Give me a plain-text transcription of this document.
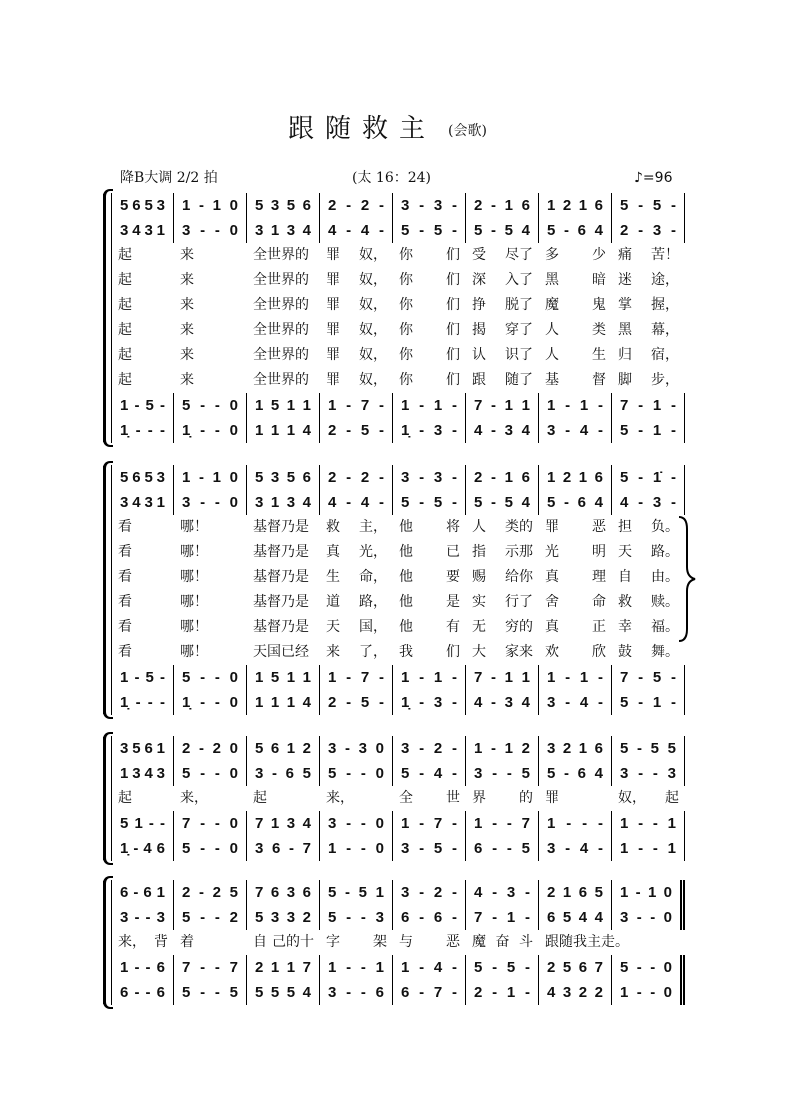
跟随救主 (会歌)
降B大调 2/2 拍	(太 16：24)	♪=96
5 6 5 3 1 - 1 0 5 3 5 6 2 - 2 - 3 - 3 - 2 - 1 6 1 2 1 6 5 - 5 -
3 4 3 1 3 - - 0 3 1 3 4 4 - 4 - 5 - 5 - 5 - 5 4 5 - 6 4 2 - 3 -
起	来	全世界的 罪 奴， 你 们 受 尽了 多 少 痛 苦！
起	来	全世界的 罪 奴， 你 们 深 入了 黑 暗 迷 途，
起	来	全世界的 罪 奴， 你 们 挣 脱了 魔 鬼 掌 握，
起	来	全世界的 罪 奴， 你 们 揭 穿了 人 类 黑 幕，
起	来	全世界的 罪 奴， 你 们 认 识了 人 生 归 宿，
起	来	全世界的 罪 奴， 你 们 跟 随了 基 督 脚 步，
1 - 5 - 5 - - 0 1 5 1 1 1 - 7 - 1 - 1 - 7 - 1 1 1 - 1 - 7 - 1 -
1̣ - - - 1̣ - - 0 1 1 1 4 2 - 5 - 1̣ - 3 - 4 - 3 4 3 - 4 - 5 - 1 -
5 6 5 3 1 - 1 0 5 3 5 6 2 - 2 - 3 - 3 - 2 - 1 6 1 2 1 6 5 - 1̇ -
3 4 3 1 3 - - 0 3 1 3 4 4 - 4 - 5 - 5 - 5 - 5 4 5 - 6 4 4 - 3 -
看	哪！	基督乃是 救 主， 他 将 人 类的 罪 恶 担 负。
看	哪！	基督乃是 真 光， 他 已 指 示那 光 明 天 路。
看	哪！	基督乃是 生 命， 他 要 赐 给你 真 理 自 由。
看	哪！	基督乃是 道 路， 他 是 实 行了 舍 命 救 赎。
看	哪！	基督乃是 天 国， 他 有 无 穷的 真 正 幸 福。
看	哪！	天国已经 来 了， 我 们 大 家来 欢 欣 鼓 舞。
1 - 5 - 5 - - 0 1 5 1 1 1 - 7 - 1 - 1 - 7 - 1 1 1 - 1 - 7 - 5 -
1̣ - - - 1̣ - - 0 1 1 1 4 2 - 5 - 1̣ - 3 - 4 - 3 4 3 - 4 - 5 - 1 -
3 5 6 1 2 - 2 0 5 6 1 2 3 - 3 0 3 - 2 - 1 - 1 2 3 2 1 6 5 - 5 5
1 3 4 3 5 - - 0 3 - 6 5 5 - - 0 5 - 4 - 3 - - 5 5 - 6 4 3 - - 3
起	来，	起	来，	全 世 界 的 罪	奴， 起
5 1 - - 7 - - 0 7 1 3 4 3 - - 0 1 - 7 - 1 - - 7 1 - - - 1 - - 1
1̣ - 4 6 5 - - 0 3 6 - 7 1 - - 0 3 - 5 - 6 - - 5 3 - 4 - 1 - - 1
6 - 6 1 2 - 2 5 7 6 3 6 5 - 5 1 3 - 2 - 4 - 3 - 2 1 6 5 1 - 1 0
3 - - 3 5 - - 2 5 3 3 2 5 - - 3 6 - 6 - 7 - 1 - 6 5 4 4 3 - - 0
来， 背 着	自 己的十 字 架 与 恶 魔 奋 斗 跟随我主走。
1 - - 6 7 - - 7 2 1 1 7 1 - - 1 1 - 4 - 5 - 5 - 2 5 6 7 5 - - 0
6 - - 6 5 - - 5 5 5 5 4 3 - - 6 6 - 7 - 2 - 1 - 4 3 2 2 1 - - 0
